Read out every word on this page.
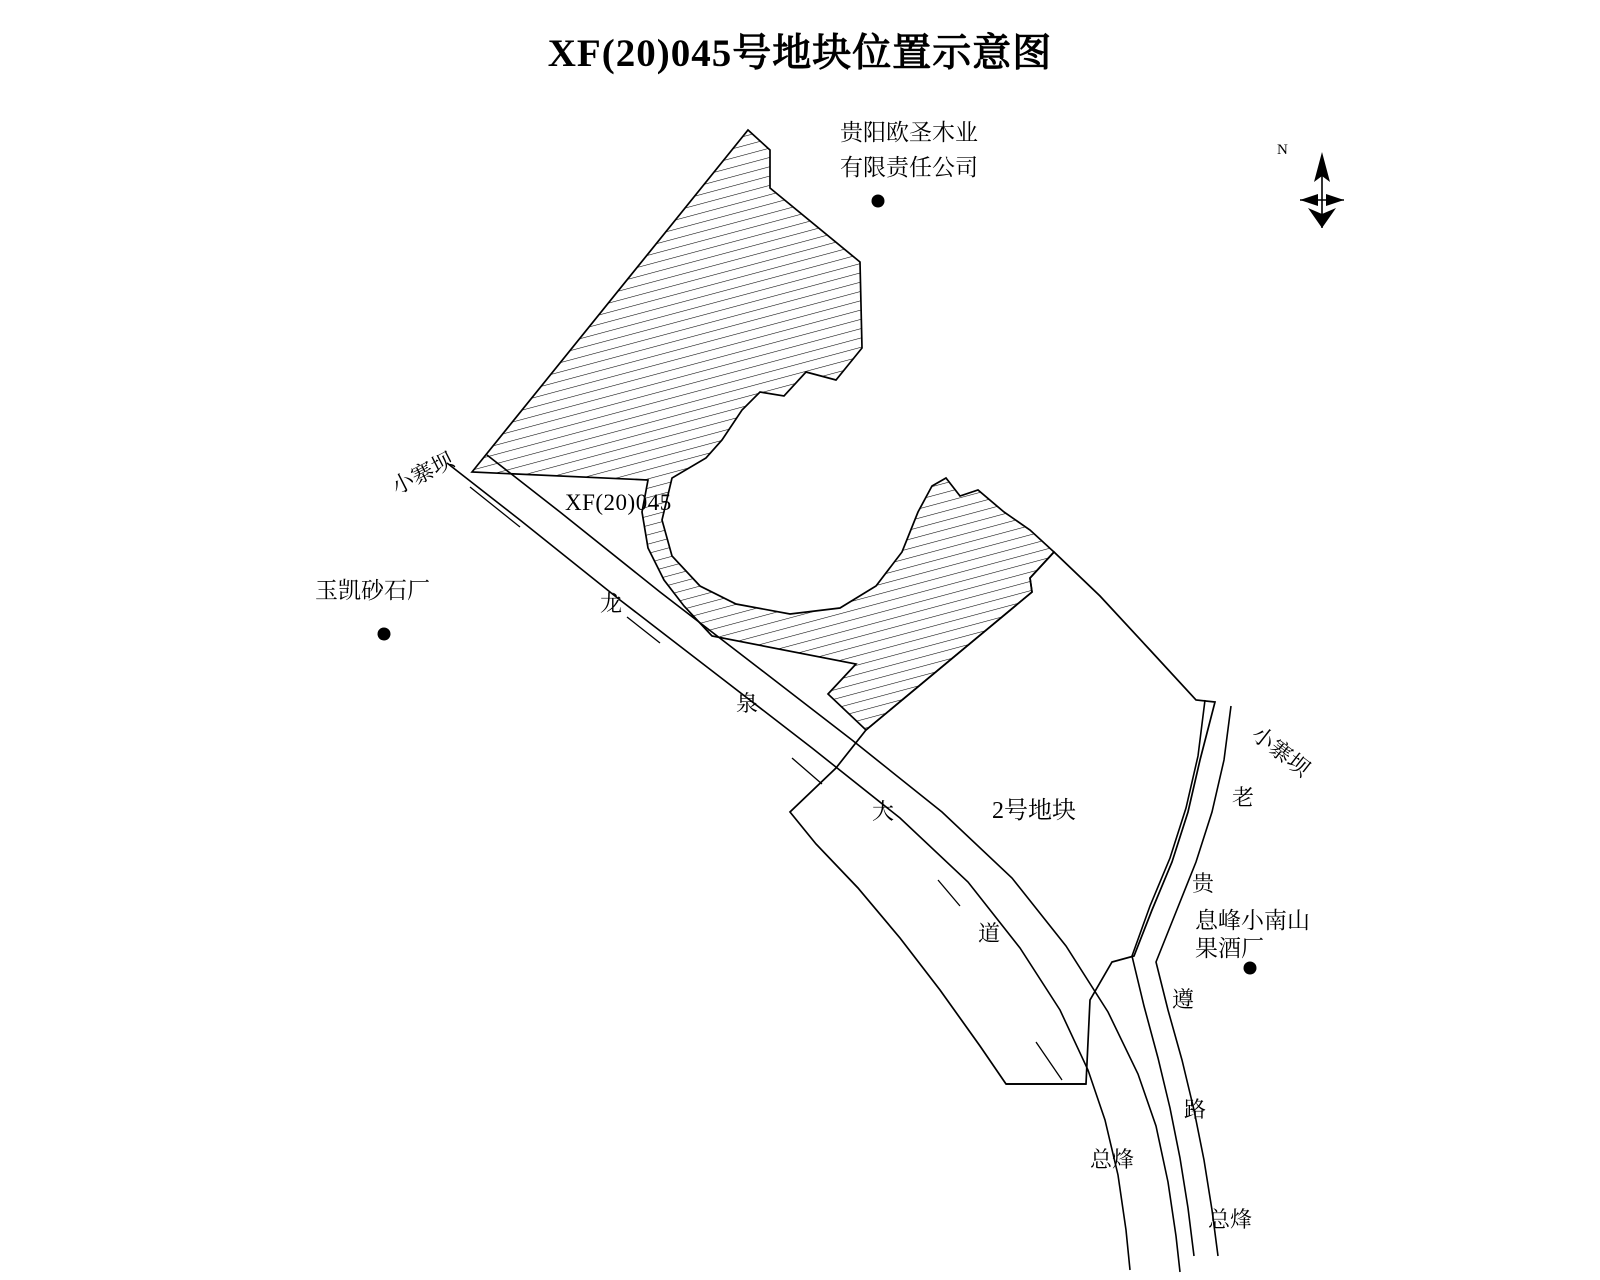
XF(20)045号地块位置示意图
N
贵阳欧圣木业
有限责任公司
玉凯砂石厂
息峰小南山
果酒厂
XF(20)045
2号地块
小寨坝
小寨坝
龙
泉
大
道
老
贵
遵
路
总烽
总烽
